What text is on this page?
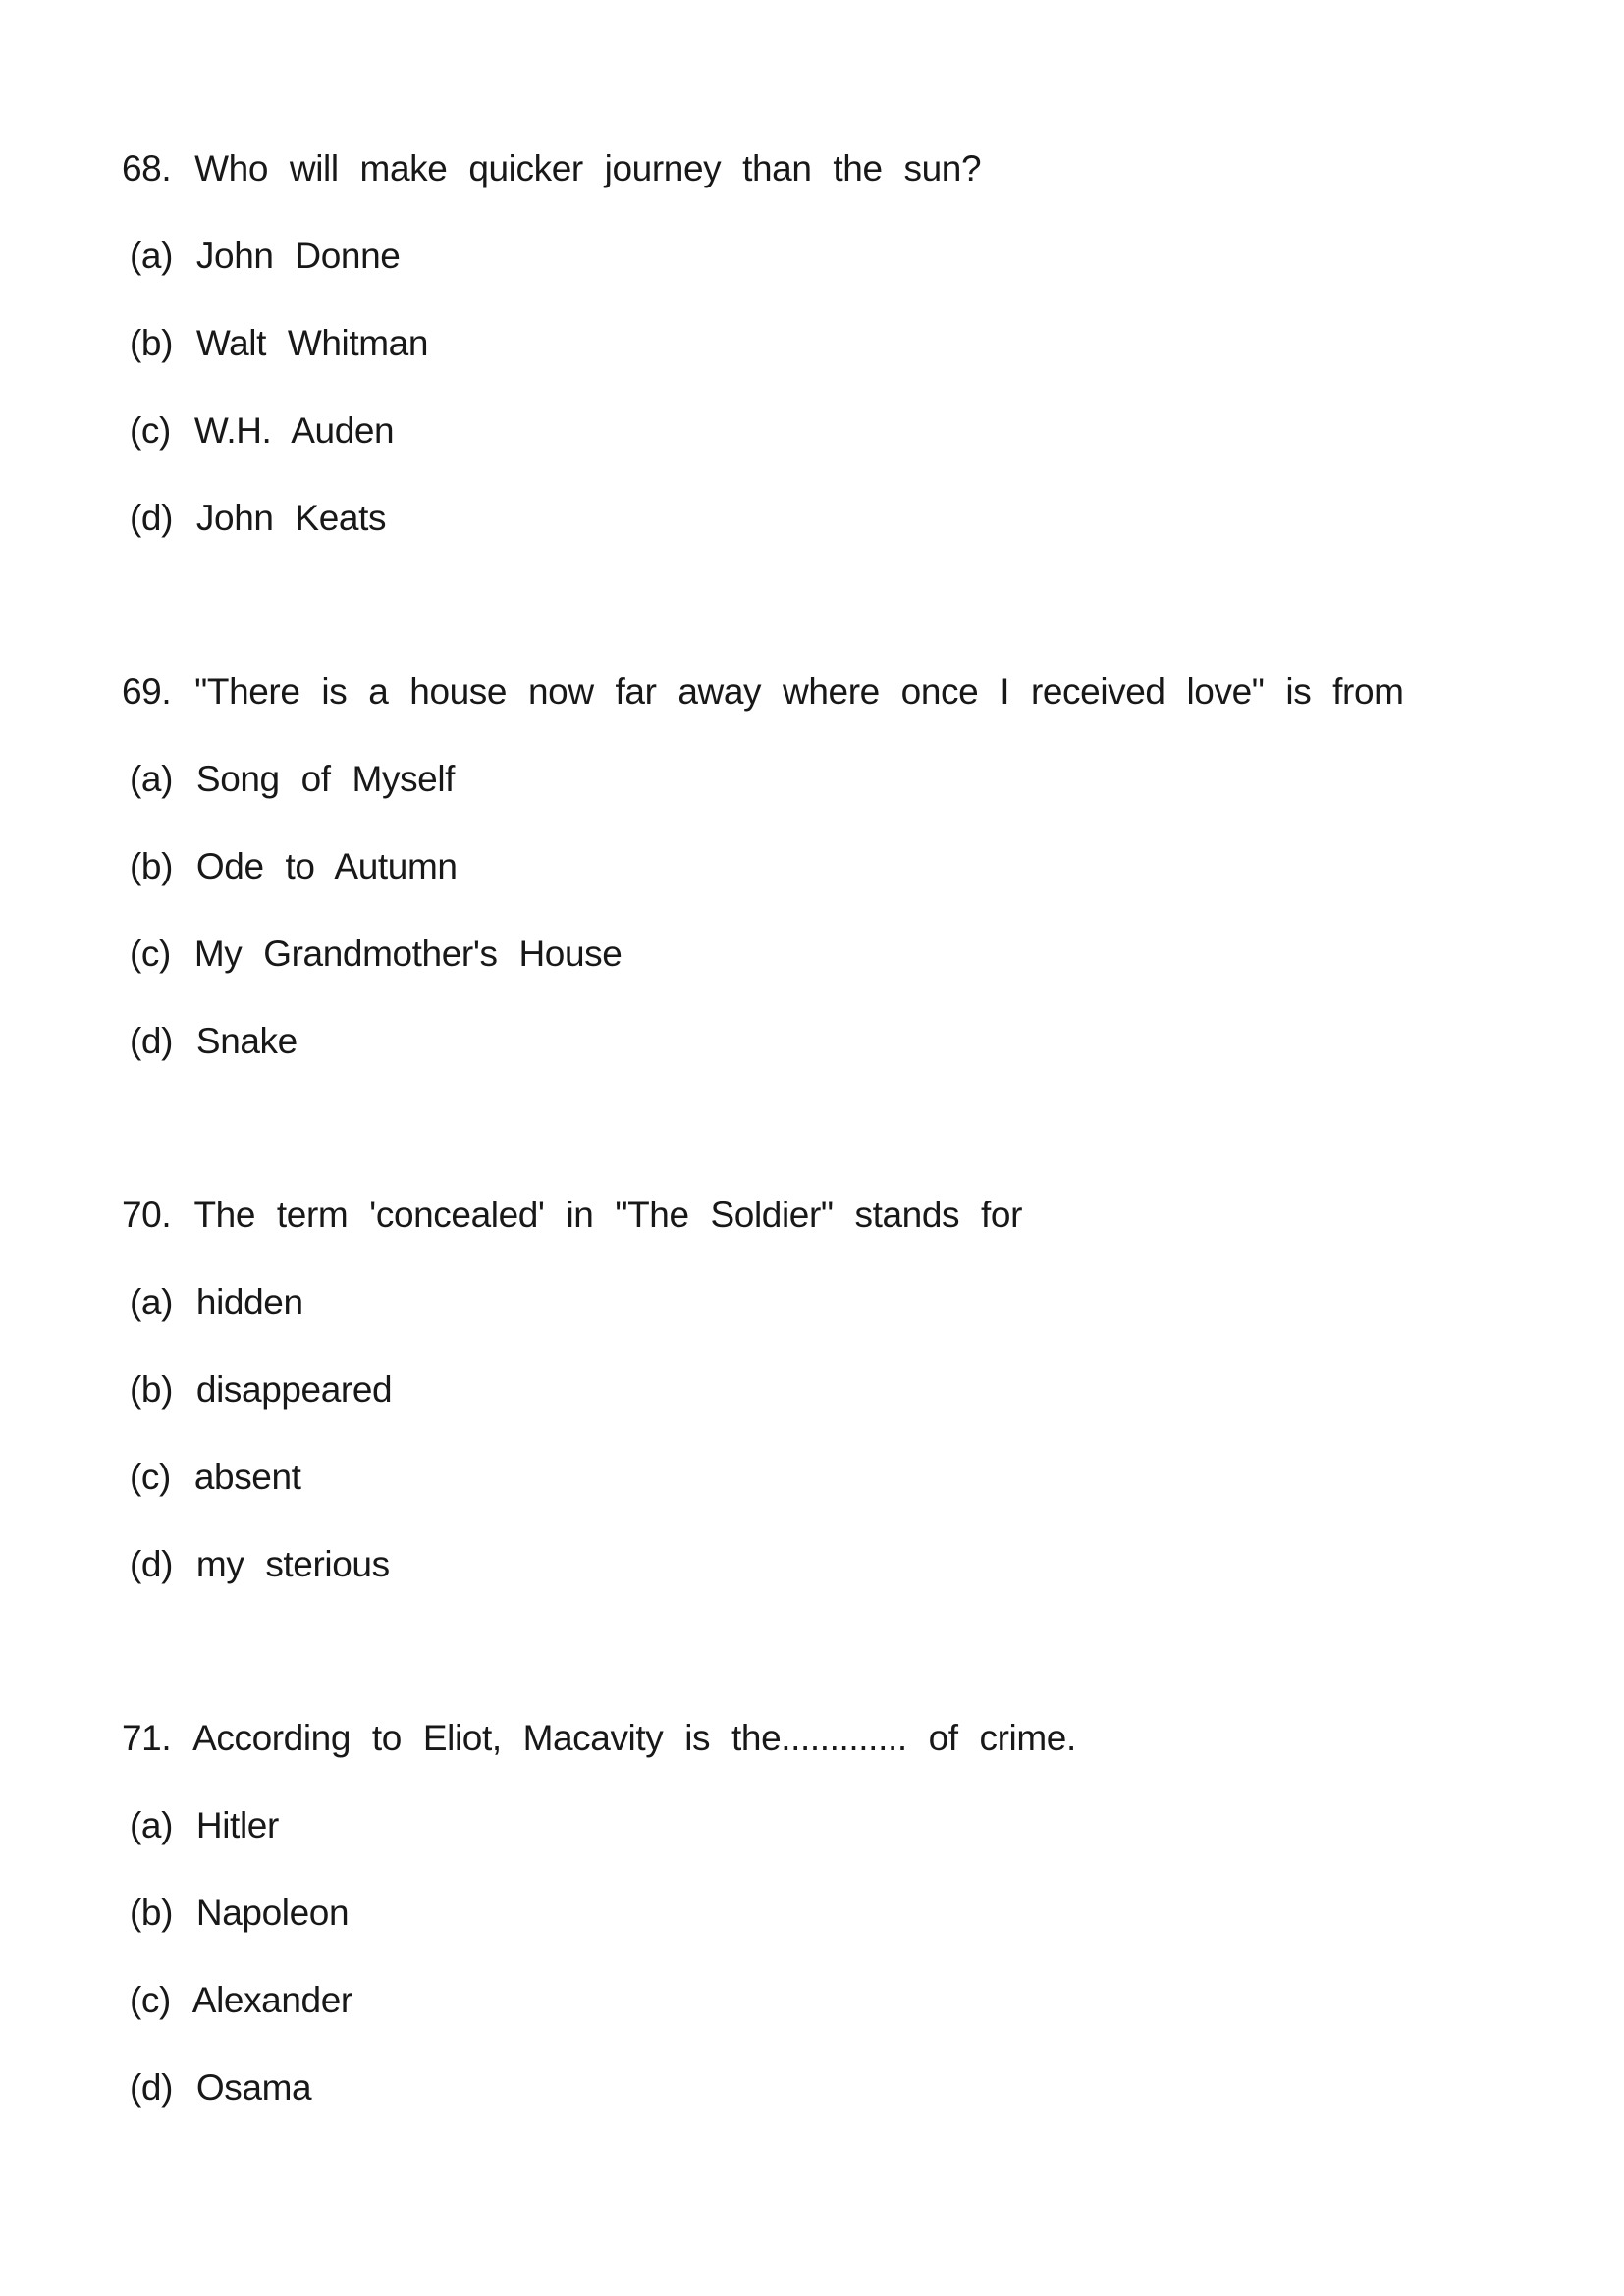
68. Who will make quicker journey than the sun?

(a) John Donne

(b) Walt Whitman

(c) W.H. Auden

(d) John Keats

69. "There is a house now far away where once I received love" is from

(a) Song of Myself

(b) Ode to Autumn

(c) My Grandmother's House

(d) Snake

70. The term 'concealed' in "The Soldier" stands for

(a) hidden

(b) disappeared

(c) absent

(d) my sterious

71. According to Eliot, Macavity is the............. of crime.

(a) Hitler

(b) Napoleon

(c) Alexander

(d) Osama
